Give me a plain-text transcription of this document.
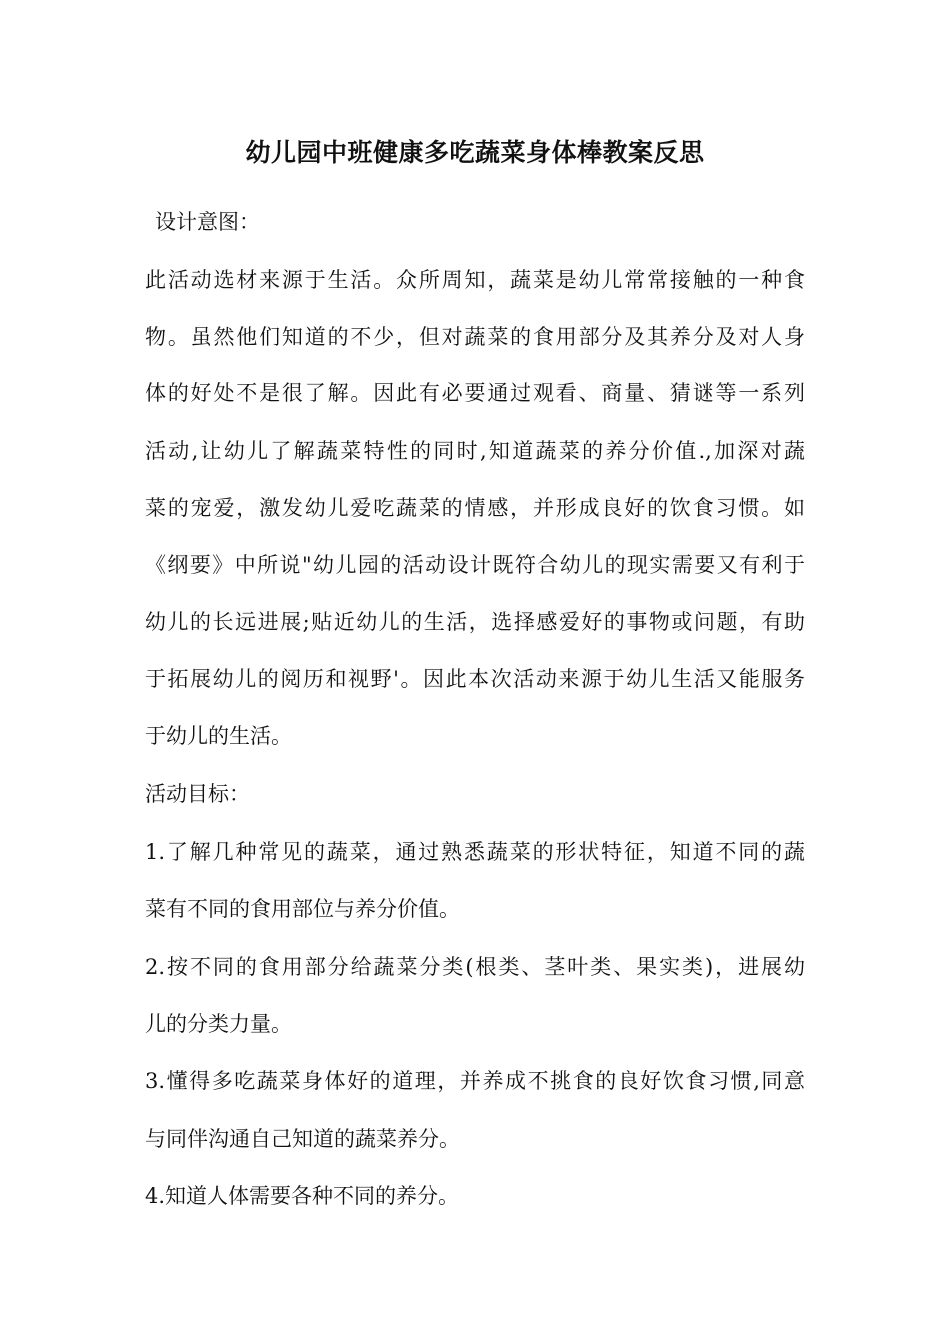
幼儿园中班健康多吃蔬菜身体棒教案反思
设计意图：
此活动选材来源于生活。众所周知，蔬菜是幼儿常常接触的一种食
物。虽然他们知道的不少，但对蔬菜的食用部分及其养分及对人身
体的好处不是很了解。因此有必要通过观看、商量、猜谜等一系列
活动,让幼儿了解蔬菜特性的同时,知道蔬菜的养分价值.,加深对蔬
菜的宠爱，激发幼儿爱吃蔬菜的情感，并形成良好的饮食习惯。如
《纲要》中所说"幼儿园的活动设计既符合幼儿的现实需要又有利于
幼儿的长远进展;贴近幼儿的生活，选择感爱好的事物或问题，有助
于拓展幼儿的阅历和视野'。因此本次活动来源于幼儿生活又能服务
于幼儿的生活。
活动目标：
1.了解几种常见的蔬菜，通过熟悉蔬菜的形状特征，知道不同的蔬
菜有不同的食用部位与养分价值。
2.按不同的食用部分给蔬菜分类(根类、茎叶类、果实类)，进展幼
儿的分类力量。
3.懂得多吃蔬菜身体好的道理，并养成不挑食的良好饮食习惯,同意
与同伴沟通自己知道的蔬菜养分。
4.知道人体需要各种不同的养分。
